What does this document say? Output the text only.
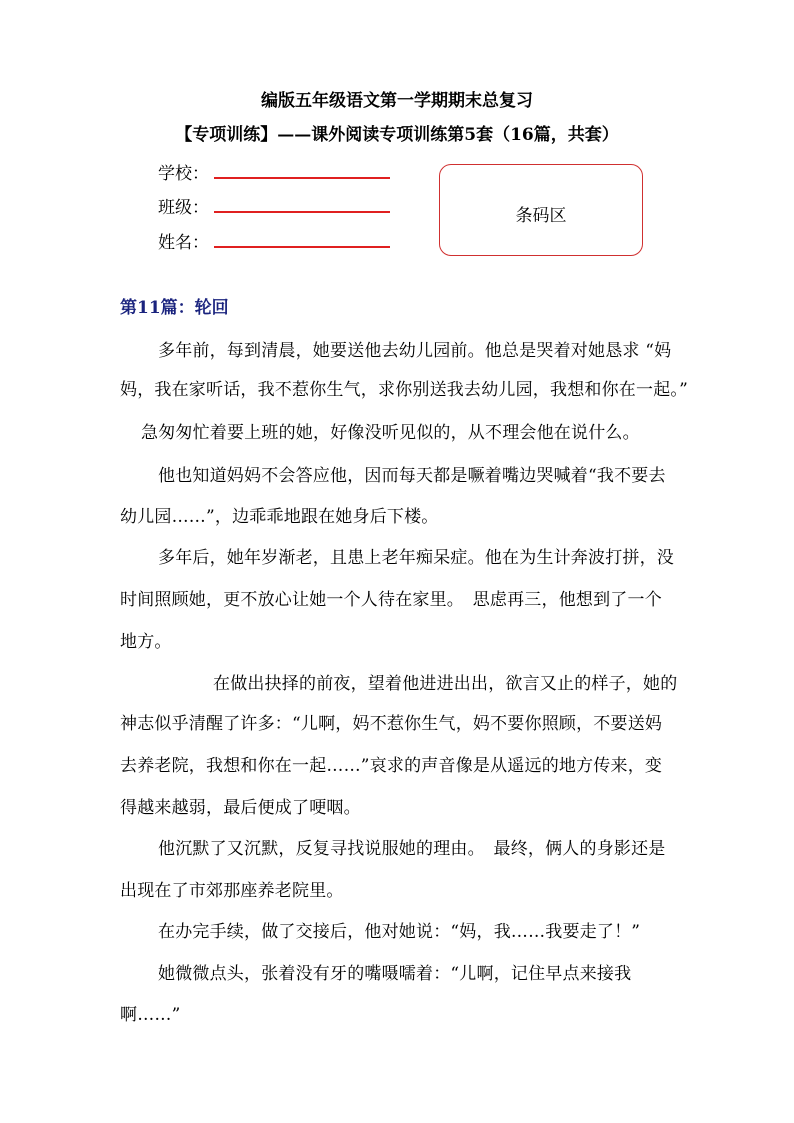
编版五年级语文第一学期期末总复习
【专项训练】——课外阅读专项训练第5套（16篇，共套）
学校：
班级：
姓名：
条码区
第11篇：轮回
多年前，每到清晨，她要送他去幼儿园前。他总是哭着对她恳求 “妈
妈，我在家听话，我不惹你生气，求你别送我去幼儿园，我想和你在一起。”
急匆匆忙着要上班的她，好像没听见似的，从不理会他在说什么。
他也知道妈妈不会答应他，因而每天都是噘着嘴边哭喊着“我不要去
幼儿园……”，边乖乖地跟在她身后下楼。
多年后，她年岁渐老，且患上老年痴呆症。他在为生计奔波打拼，没
时间照顾她，更不放心让她一个人待在家里。　思虑再三，他想到了一个
地方。
在做出抉择的前夜，望着他进进出出，欲言又止的样子，她的
神志似乎清醒了许多：“儿啊，妈不惹你生气，妈不要你照顾，不要送妈
去养老院，我想和你在一起……”哀求的声音像是从遥远的地方传来，变
得越来越弱，最后便成了哽咽。
他沉默了又沉默，反复寻找说服她的理由。　最终，俩人的身影还是
出现在了市郊那座养老院里。
在办完手续，做了交接后，他对她说：“妈，我……我要走了！”
她微微点头，张着没有牙的嘴嗫嚅着：“儿啊，记住早点来接我
啊……”
